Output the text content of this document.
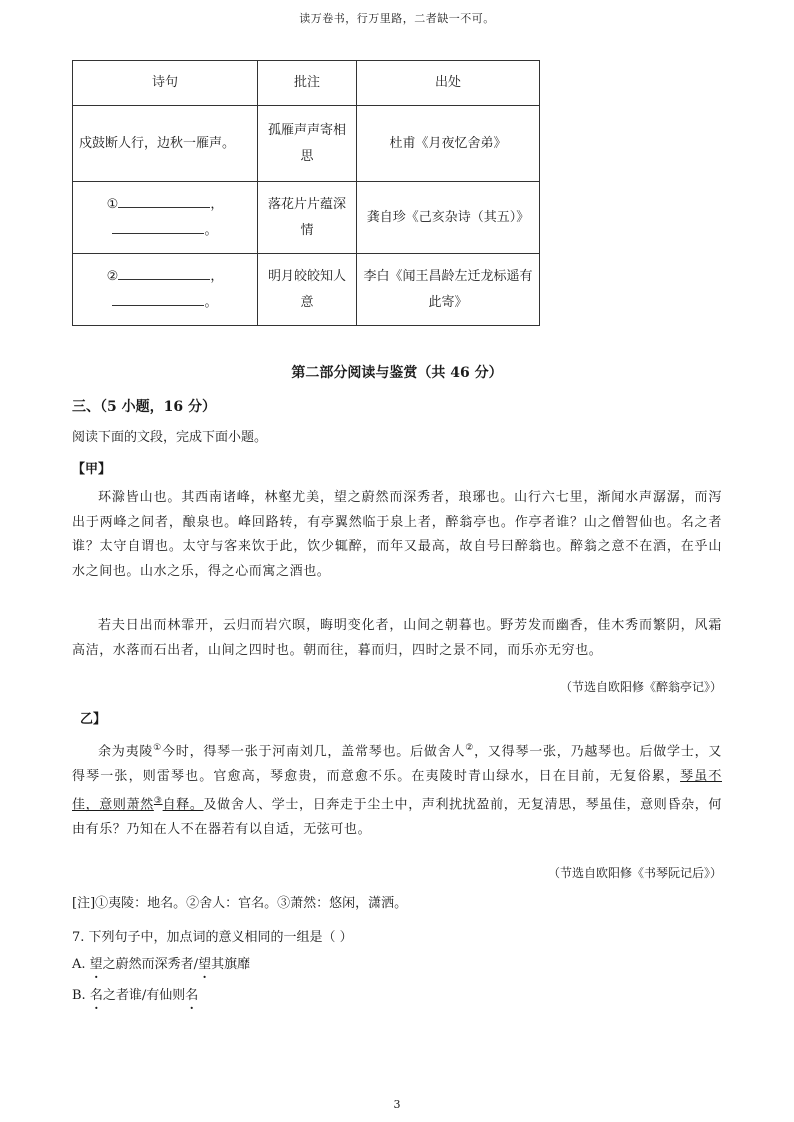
读万卷书，行万里路，二者缺一不可。
诗句	批注	出处
戍鼓断人行，边秋一雁声。	孤雁声声寄相思	杜甫《月夜忆舍弟》

① ，
。	落花片片蕴深情	龚自珍《己亥杂诗（其五）》

② ，
。	明月皎皎知人意	李白《闻王昌龄左迁龙标遥有此寄》
第二部分阅读与鉴赏（共 46 分）
三、（5 小题，16 分）
阅读下面的文段，完成下面小题。
【甲】
环滁皆山也。其西南诸峰，林壑尤美，望之蔚然而深秀者，琅琊也。山行六七里，渐闻水声潺潺，而泻出于两峰之间者，酿泉也。峰回路转，有亭翼然临于泉上者，醉翁亭也。作亭者谁？山之僧智仙也。名之者谁？太守自谓也。太守与客来饮于此，饮少辄醉，而年又最高，故自号曰醉翁也。醉翁之意不在酒，在乎山水之间也。山水之乐，得之心而寓之酒也。
若夫日出而林霏开，云归而岩穴暝，晦明变化者，山间之朝暮也。野芳发而幽香，佳木秀而繁阴，风霜高洁，水落而石出者，山间之四时也。朝而往，暮而归，四时之景不同，而乐亦无穷也。
（节选自欧阳修《醉翁亭记》）
乙】
余为夷陵①今时，得琴一张于河南刘几，盖常琴也。后做舍人②，又得琴一张，乃越琴也。后做学士，又得琴一张，则雷琴也。官愈高，琴愈贵，而意愈不乐。在夷陵时青山绿水，日在目前，无复俗累，琴虽不佳，意则萧然③自释。及做舍人、学士，日奔走于尘土中，声利扰扰盈前，无复清思，琴虽佳，意则昏杂，何由有乐？乃知在人不在器若有以自适，无弦可也。
（节选自欧阳修《书琴阮记后》）
[注]①夷陵：地名。②舍人：官名。③萧然：悠闲，潇洒。
7. 下列句子中，加点词的意义相同的一组是（ ）
A. 望之蔚然而深秀者/望其旗靡
B. 名之者谁/有仙则名
3
